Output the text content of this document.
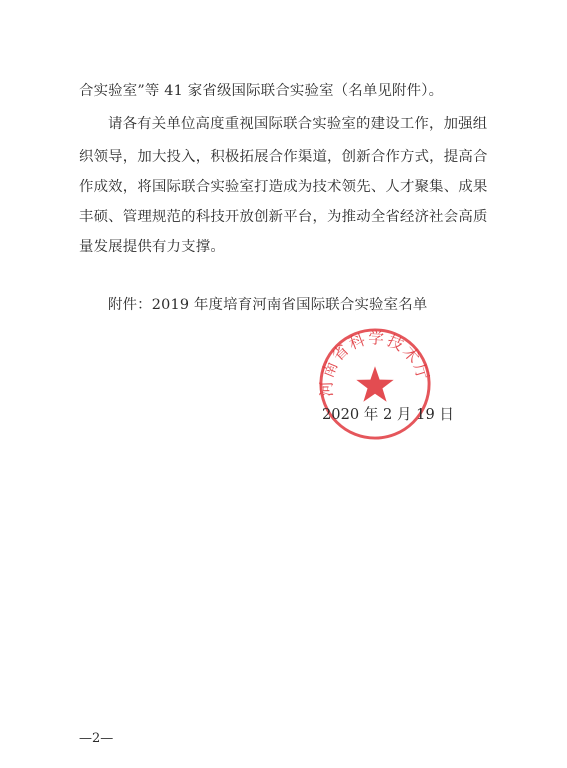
合实验室”等 41 家省级国际联合实验室（名单见附件）。
请各有关单位高度重视国际联合实验室的建设工作，加强组
织领导，加大投入，积极拓展合作渠道，创新合作方式，提高合
作成效，将国际联合实验室打造成为技术领先、人才聚集、成果
丰硕、管理规范的科技开放创新平台，为推动全省经济社会高质
量发展提供有力支撑。
附件：2019 年度培育河南省国际联合实验室名单
河南省科学技术厅
2020 年 2 月 19 日
—2—
